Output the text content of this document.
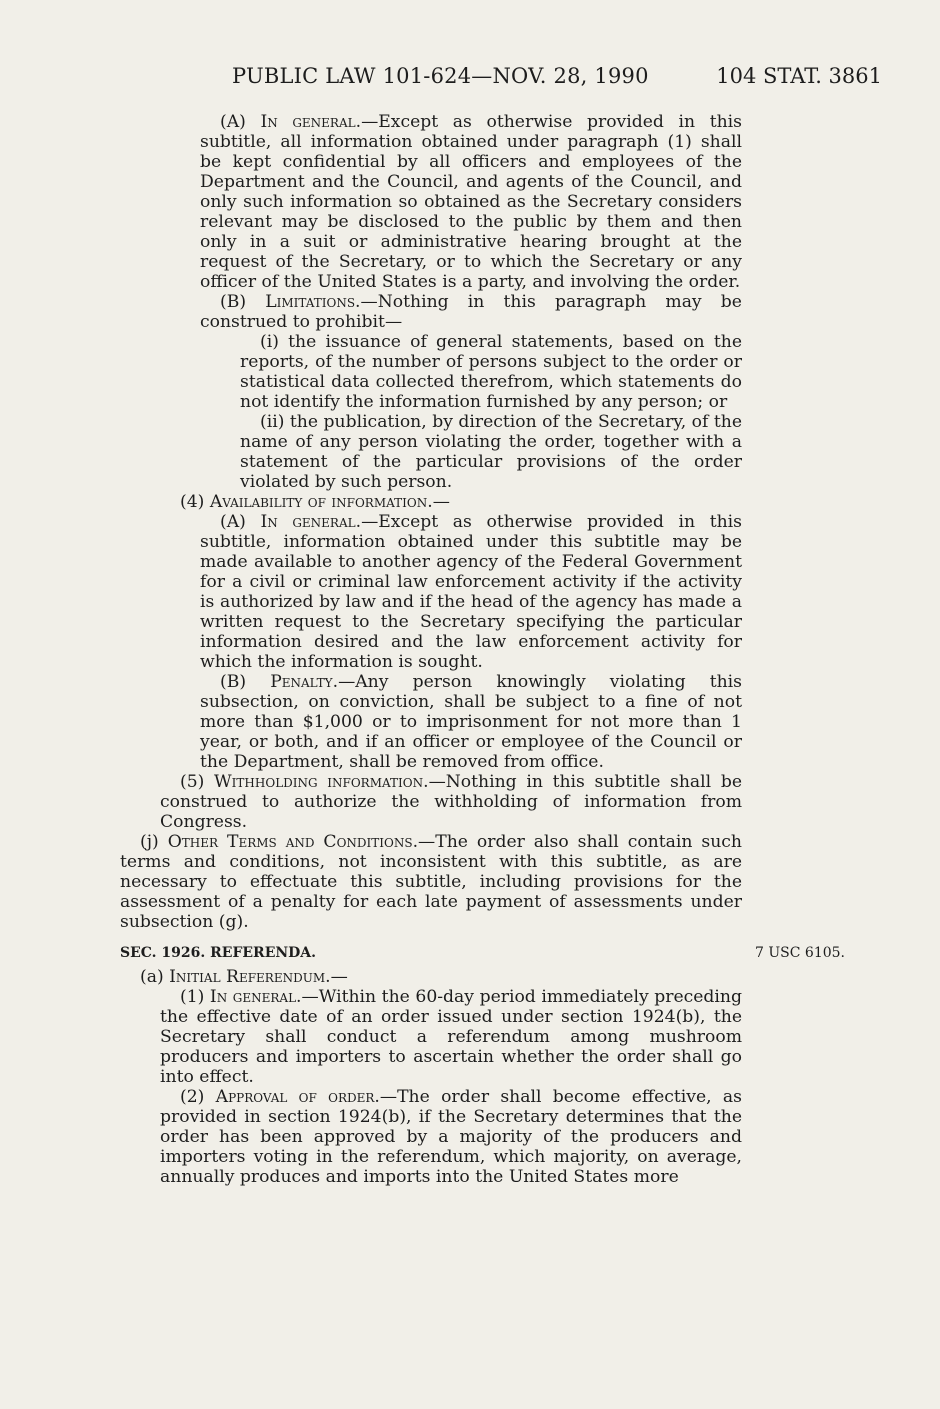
PUBLIC LAW 101-624—NOV. 28, 1990	104 STAT. 3861

(A) In general.—Except as otherwise provided in this subtitle, all information obtained under paragraph (1) shall be kept confidential by all officers and employees of the Department and the Council, and agents of the Council, and only such information so obtained as the Secretary considers relevant may be disclosed to the public by them and then only in a suit or administrative hearing brought at the request of the Secretary, or to which the Secretary or any officer of the United States is a party, and involving the order.

(B) Limitations.—Nothing in this paragraph may be construed to prohibit—

(i) the issuance of general statements, based on the reports, of the number of persons subject to the order or statistical data collected therefrom, which statements do not identify the information furnished by any person; or

(ii) the publication, by direction of the Secretary, of the name of any person violating the order, together with a statement of the particular provisions of the order violated by such person.

(4) Availability of information.—

(A) In general.—Except as otherwise provided in this subtitle, information obtained under this subtitle may be made available to another agency of the Federal Government for a civil or criminal law enforcement activity if the activity is authorized by law and if the head of the agency has made a written request to the Secretary specifying the particular information desired and the law enforcement activity for which the information is sought.

(B) Penalty.—Any person knowingly violating this subsection, on conviction, shall be subject to a fine of not more than $1,000 or to imprisonment for not more than 1 year, or both, and if an officer or employee of the Council or the Department, shall be removed from office.

(5) Withholding information.—Nothing in this subtitle shall be construed to authorize the withholding of information from Congress.

(j) Other Terms and Conditions.—The order also shall contain such terms and conditions, not inconsistent with this subtitle, as are necessary to effectuate this subtitle, including provisions for the assessment of a penalty for each late payment of assessments under subsection (g).

SEC. 1926. REFERENDA.	7 USC 6105.

(a) Initial Referendum.—

(1) In general.—Within the 60-day period immediately preceding the effective date of an order issued under section 1924(b), the Secretary shall conduct a referendum among mushroom producers and importers to ascertain whether the order shall go into effect.

(2) Approval of order.—The order shall become effective, as provided in section 1924(b), if the Secretary determines that the order has been approved by a majority of the producers and importers voting in the referendum, which majority, on average, annually produces and imports into the United States more
